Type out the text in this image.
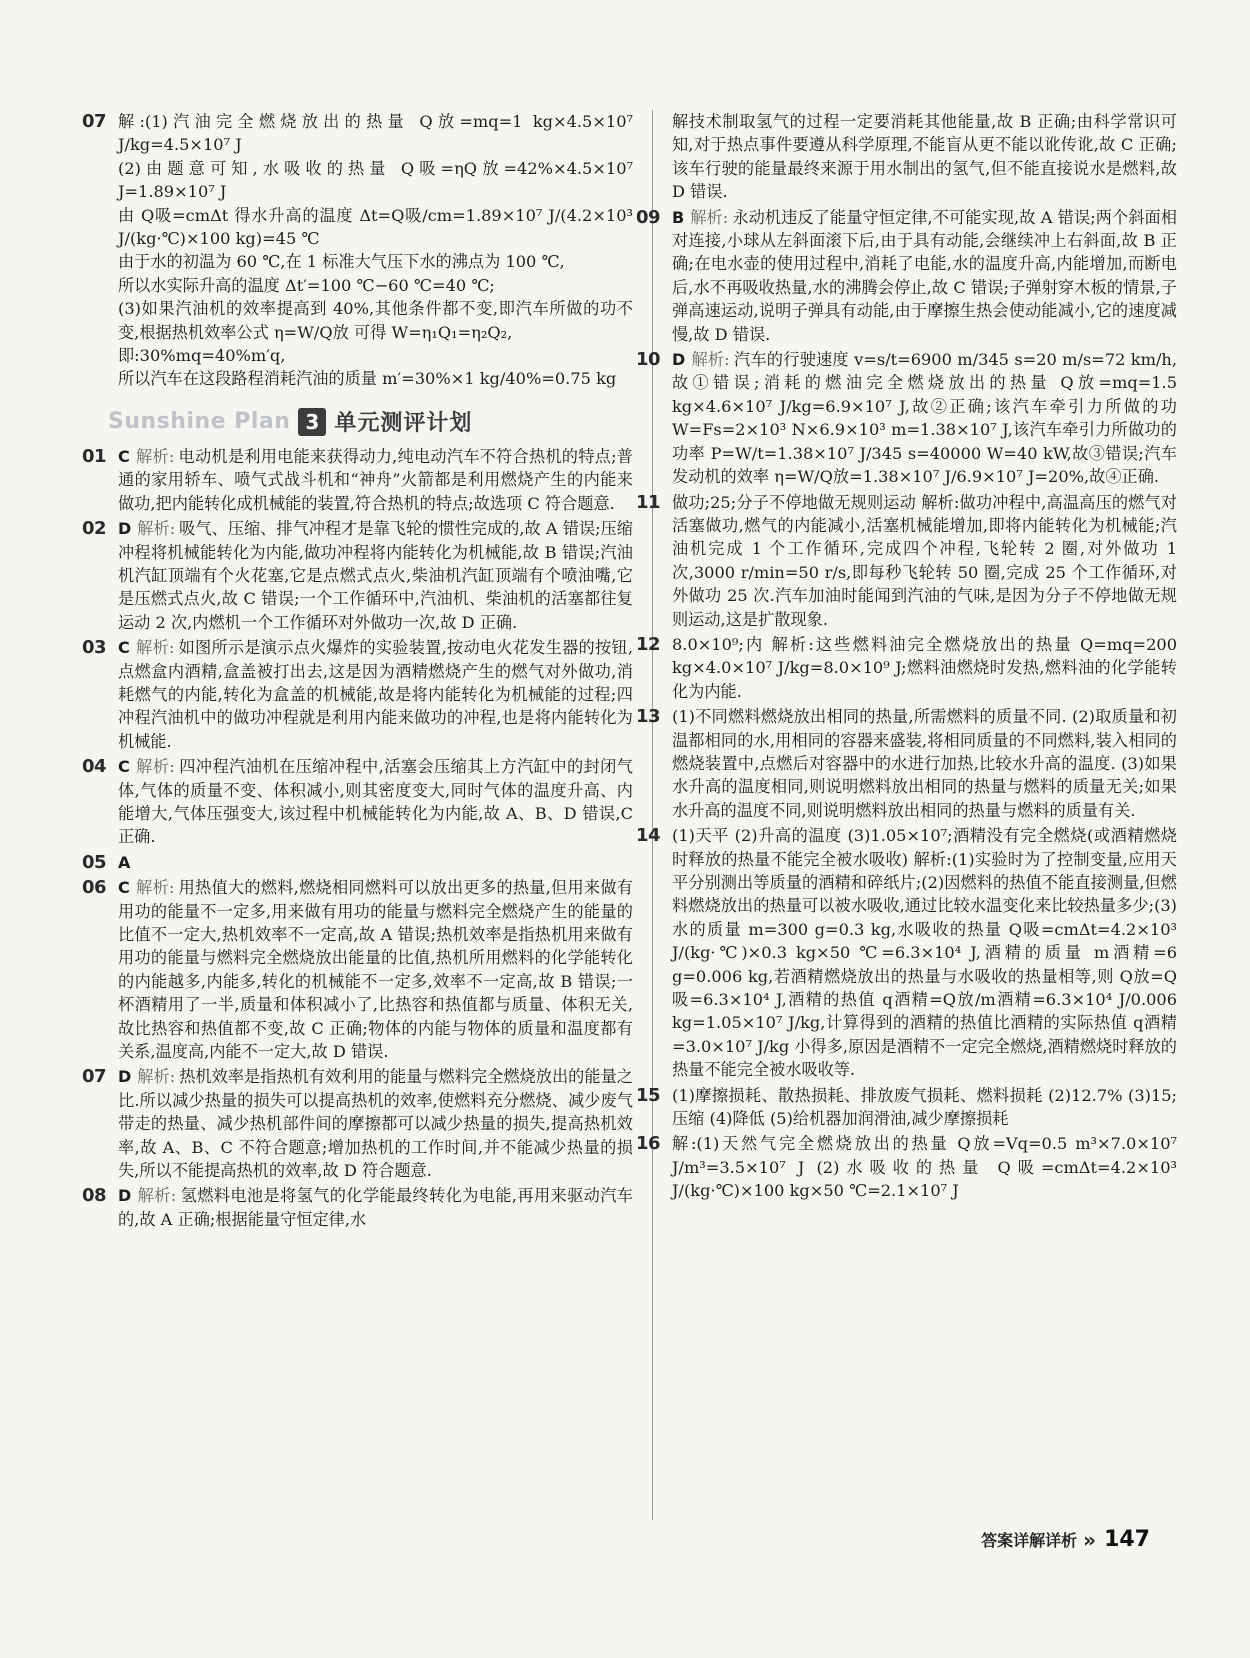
07 解:(1)汽油完全燃烧放出的热量 Q放=mq=1 kg×4.5×10⁷ J/kg=4.5×10⁷ J

(2)由题意可知,水吸收的热量 Q吸=ηQ放=42%×4.5×10⁷ J=1.89×10⁷ J

由 Q吸=cmΔt 得水升高的温度 Δt=Q吸/cm=1.89×10⁷ J/(4.2×10³ J/(kg·℃)×100 kg)=45 ℃

由于水的初温为 60 ℃,在 1 标准大气压下水的沸点为 100 ℃,

所以水实际升高的温度 Δt′=100 ℃−60 ℃=40 ℃;

(3)如果汽油机的效率提高到 40%,其他条件都不变,即汽车所做的功不变,根据热机效率公式 η=W/Q放 可得 W=η₁Q₁=η₂Q₂,

即:30%mq=40%m′q,

所以汽车在这段路程消耗汽油的质量 m′=30%×1 kg/40%=0.75 kg

Sunshine Plan 3 单元测评计划
01 C 解析: 电动机是利用电能来获得动力,纯电动汽车不符合热机的特点;普通的家用轿车、喷气式战斗机和“神舟”火箭都是利用燃烧产生的内能来做功,把内能转化成机械能的装置,符合热机的特点;故选项 C 符合题意.

02 D 解析: 吸气、压缩、排气冲程才是靠飞轮的惯性完成的,故 A 错误;压缩冲程将机械能转化为内能,做功冲程将内能转化为机械能,故 B 错误;汽油机汽缸顶端有个火花塞,它是点燃式点火,柴油机汽缸顶端有个喷油嘴,它是压燃式点火,故 C 错误;一个工作循环中,汽油机、柴油机的活塞都往复运动 2 次,内燃机一个工作循环对外做功一次,故 D 正确.

03 C 解析: 如图所示是演示点火爆炸的实验装置,按动电火花发生器的按钮,点燃盒内酒精,盒盖被打出去,这是因为酒精燃烧产生的燃气对外做功,消耗燃气的内能,转化为盒盖的机械能,故是将内能转化为机械能的过程;四冲程汽油机中的做功冲程就是利用内能来做功的冲程,也是将内能转化为机械能.

04 C 解析: 四冲程汽油机在压缩冲程中,活塞会压缩其上方汽缸中的封闭气体,气体的质量不变、体积减小,则其密度变大,同时气体的温度升高、内能增大,气体压强变大,该过程中机械能转化为内能,故 A、B、D 错误,C 正确.

05 A

06 C 解析: 用热值大的燃料,燃烧相同燃料可以放出更多的热量,但用来做有用功的能量不一定多,用来做有用功的能量与燃料完全燃烧产生的能量的比值不一定大,热机效率不一定高,故 A 错误;热机效率是指热机用来做有用功的能量与燃料完全燃烧放出能量的比值,热机所用燃料的化学能转化的内能越多,内能多,转化的机械能不一定多,效率不一定高,故 B 错误;一杯酒精用了一半,质量和体积减小了,比热容和热值都与质量、体积无关,故比热容和热值都不变,故 C 正确;物体的内能与物体的质量和温度都有关系,温度高,内能不一定大,故 D 错误.

07 D 解析: 热机效率是指热机有效利用的能量与燃料完全燃烧放出的能量之比.所以减少热量的损失可以提高热机的效率,使燃料充分燃烧、减少废气带走的热量、减少热机部件间的摩擦都可以减少热量的损失,提高热机效率,故 A、B、C 不符合题意;增加热机的工作时间,并不能减少热量的损失,所以不能提高热机的效率,故 D 符合题意.

08 D 解析: 氢燃料电池是将氢气的化学能最终转化为电能,再用来驱动汽车的,故 A 正确;根据能量守恒定律,水

解技术制取氢气的过程一定要消耗其他能量,故 B 正确;由科学常识可知,对于热点事件要遵从科学原理,不能盲从更不能以讹传讹,故 C 正确;该车行驶的能量最终来源于用水制出的氢气,但不能直接说水是燃料,故 D 错误.

09 B 解析: 永动机违反了能量守恒定律,不可能实现,故 A 错误;两个斜面相对连接,小球从左斜面滚下后,由于具有动能,会继续冲上右斜面,故 B 正确;在电水壶的使用过程中,消耗了电能,水的温度升高,内能增加,而断电后,水不再吸收热量,水的沸腾会停止,故 C 错误;子弹射穿木板的情景,子弹高速运动,说明子弹具有动能,由于摩擦生热会使动能减小,它的速度减慢,故 D 错误.

10 D 解析: 汽车的行驶速度 v=s/t=6900 m/345 s=20 m/s=72 km/h,故①错误;消耗的燃油完全燃烧放出的热量 Q放=mq=1.5 kg×4.6×10⁷ J/kg=6.9×10⁷ J,故②正确;该汽车牵引力所做的功 W=Fs=2×10³ N×6.9×10³ m=1.38×10⁷ J,该汽车牵引力所做功的功率 P=W/t=1.38×10⁷ J/345 s=40000 W=40 kW,故③错误;汽车发动机的效率 η=W/Q放=1.38×10⁷ J/6.9×10⁷ J=20%,故④正确.

11 做功;25;分子不停地做无规则运动 解析:做功冲程中,高温高压的燃气对活塞做功,燃气的内能减小,活塞机械能增加,即将内能转化为机械能;汽油机完成 1 个工作循环,完成四个冲程,飞轮转 2 圈,对外做功 1 次,3000 r/min=50 r/s,即每秒飞轮转 50 圈,完成 25 个工作循环,对外做功 25 次.汽车加油时能闻到汽油的气味,是因为分子不停地做无规则运动,这是扩散现象.

12 8.0×10⁹;内 解析:这些燃料油完全燃烧放出的热量 Q=mq=200 kg×4.0×10⁷ J/kg=8.0×10⁹ J;燃料油燃烧时发热,燃料油的化学能转化为内能.

13 (1)不同燃料燃烧放出相同的热量,所需燃料的质量不同. (2)取质量和初温都相同的水,用相同的容器来盛装,将相同质量的不同燃料,装入相同的燃烧装置中,点燃后对容器中的水进行加热,比较水升高的温度. (3)如果水升高的温度相同,则说明燃料放出相同的热量与燃料的质量无关;如果水升高的温度不同,则说明燃料放出相同的热量与燃料的质量有关.

14 (1)天平 (2)升高的温度 (3)1.05×10⁷;酒精没有完全燃烧(或酒精燃烧时释放的热量不能完全被水吸收) 解析:(1)实验时为了控制变量,应用天平分别测出等质量的酒精和碎纸片;(2)因燃料的热值不能直接测量,但燃料燃烧放出的热量可以被水吸收,通过比较水温变化来比较热量多少;(3)水的质量 m=300 g=0.3 kg,水吸收的热量 Q吸=cmΔt=4.2×10³ J/(kg·℃)×0.3 kg×50 ℃=6.3×10⁴ J,酒精的质量 m酒精=6 g=0.006 kg,若酒精燃烧放出的热量与水吸收的热量相等,则 Q放=Q吸=6.3×10⁴ J,酒精的热值 q酒精=Q放/m酒精=6.3×10⁴ J/0.006 kg=1.05×10⁷ J/kg,计算得到的酒精的热值比酒精的实际热值 q酒精=3.0×10⁷ J/kg 小得多,原因是酒精不一定完全燃烧,酒精燃烧时释放的热量不能完全被水吸收等.

15 (1)摩擦损耗、散热损耗、排放废气损耗、燃料损耗 (2)12.7% (3)15;压缩 (4)降低 (5)给机器加润滑油,减少摩擦损耗

16 解:(1)天然气完全燃烧放出的热量 Q放=Vq=0.5 m³×7.0×10⁷ J/m³=3.5×10⁷ J (2)水吸收的热量 Q吸=cmΔt=4.2×10³ J/(kg·℃)×100 kg×50 ℃=2.1×10⁷ J

答案详解详析 » 147
